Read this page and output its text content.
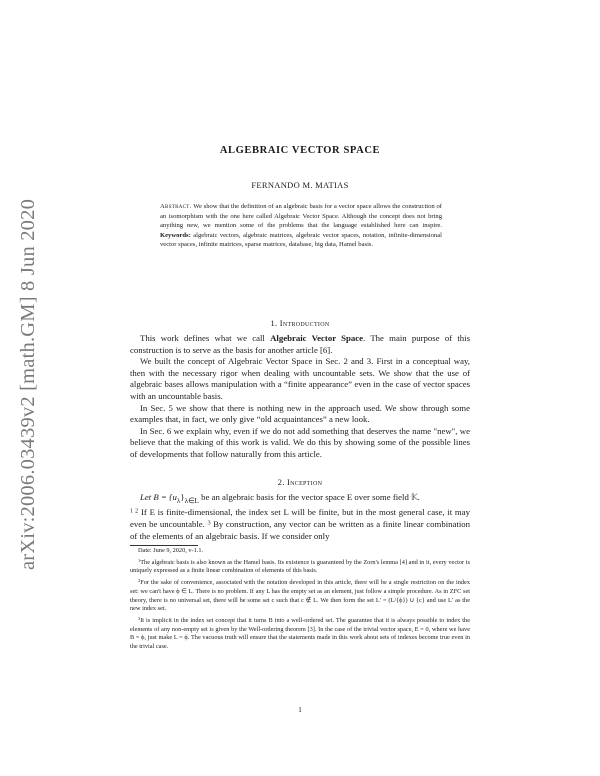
arXiv:2006.03439v2 [math.GM] 8 Jun 2020
ALGEBRAIC VECTOR SPACE
FERNANDO M. MATIAS
Abstract. We show that the definition of an algebraic basis for a vector space allows the construction of an isomorphism with the one here called Algebraic Vector Space. Although the concept does not bring anything new, we mention some of the problems that the language established here can inspire. Keywords: algebraic vectors, algebraic matrices, algebraic vector spaces, notation, infinite-dimensional vector spaces, infinite matrices, sparse matrices, database, big data, Hamel basis.
1. Introduction

This work defines what we call Algebraic Vector Space. The main purpose of this construction is to serve as the basis for another article [6].

We built the concept of Algebraic Vector Space in Sec. 2 and 3. First in a conceptual way, then with the necessary rigor when dealing with uncountable sets. We show that the use of algebraic bases allows manipulation with a “finite appearance” even in the case of vector spaces with an uncountable basis.

In Sec. 5 we show that there is nothing new in the approach used. We show through some examples that, in fact, we only give “old acquaintances” a new look.

In Sec. 6 we explain why, even if we do not add something that deserves the name "new", we believe that the making of this work is valid. We do this by showing some of the possible lines of developments that follow naturally from this article.

2. Inception

Let $B = \{u_\lambda\}_{\lambda\in L}$ be an algebraic basis for the vector space E over some field 𝕂.
$^{1 2}$ If E is finite-dimensional, the index set L will be finite, but in the most general case, it may even be uncountable. $^3$ By construction, any vector can be written as a finite linear combination of the elements of an algebraic basis. If we consider only

Date: June 9, 2020, v-1.1.

$^1$The algebraic basis is also known as the Hamel basis. Its existence is guaranteed by the Zorn's lemma [4] and in it, every vector is uniquely expressed as a finite linear combination of elements of this basis.

$^2$For the sake of convenience, associated with the notation developed in this article, there will be a single restriction on the index set: we can't have ϕ ∈ L. There is no problem. If any L has the empty set as an element, just follow a simple procedure. As in ZFC set theory, there is no universal set, there will be some set c such that c ∉ L. We then form the set L′ = (L/{ϕ}) ∪ {c} and use L′ as the new index set.

$^3$It is implicit in the index set concept that it turns B into a well-ordered set. The guarantee that it is always possible to index the elements of any non-empty set is given by the Well-ordering theorem [3]. In the case of the trivial vector space, E = 0, where we have B = ϕ, just make L = ϕ. The vacuous truth will ensure that the statements made in this work about sets of indexes become true even in the trivial case.

1
